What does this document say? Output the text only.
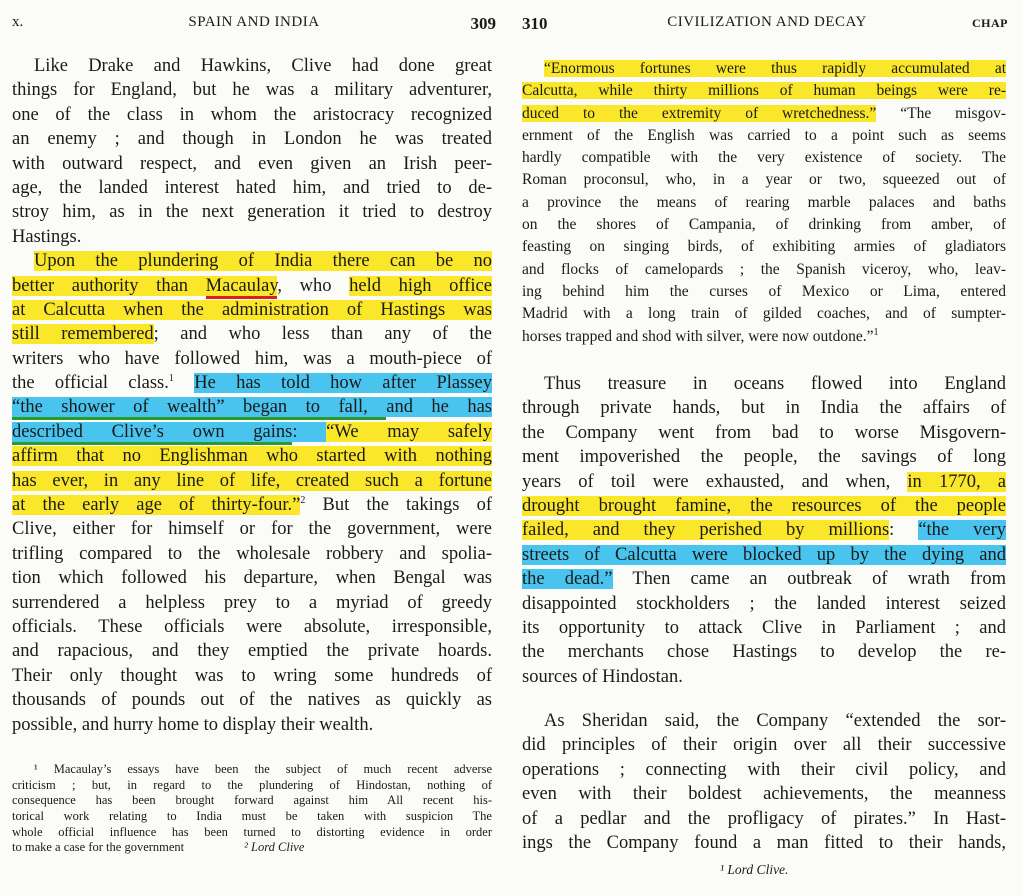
x.	SPAIN AND INDIA	309
Like Drake and Hawkins, Clive had done great
things for England, but he was a military adventurer,
one of the class in whom the aristocracy recognized
an enemy ; and though in London he was treated
with outward respect, and even given an Irish peer-
age, the landed interest hated him, and tried to de-
stroy him, as in the next generation it tried to destroy
Hastings.
Upon the plundering of India there can be no
better authority than Macaulay, who held high office
at Calcutta when the administration of Hastings was
still remembered; and who less than any of the
writers who have followed him, was a mouth-piece of
the official class.$^1$ He has told how after Plassey
“the shower of wealth” began to fall, and he has
described Clive’s own gains: “We may safely
affirm that no Englishman who started with nothing
has ever, in any line of life, created such a fortune
at the early age of thirty-four.”$^2$ But the takings of
Clive, either for himself or for the government, were
trifling compared to the wholesale robbery and spolia-
tion which followed his departure, when Bengal was
surrendered a helpless prey to a myriad of greedy
officials. These officials were absolute, irresponsible,
and rapacious, and they emptied the private hoards.
Their only thought was to wring some hundreds of
thousands of pounds out of the natives as quickly as
possible, and hurry home to display their wealth.
¹ Macaulay’s essays have been the subject of much recent adverse
criticism ; but, in regard to the plundering of Hindostan, nothing of
consequence has been brought forward against him All recent his-
torical work relating to India must be taken with suspicion The
whole official influence has been turned to distorting evidence in order
to make a case for the government	² Lord Clive
310	CIVILIZATION AND DECAY	CHAP
“Enormous fortunes were thus rapidly accumulated at
Calcutta, while thirty millions of human beings were re-
duced to the extremity of wretchedness.” “The misgov-
ernment of the English was carried to a point such as seems
hardly compatible with the very existence of society. The
Roman proconsul, who, in a year or two, squeezed out of
a province the means of rearing marble palaces and baths
on the shores of Campania, of drinking from amber, of
feasting on singing birds, of exhibiting armies of gladiators
and flocks of camelopards ; the Spanish viceroy, who, leav-
ing behind him the curses of Mexico or Lima, entered
Madrid with a long train of gilded coaches, and of sumpter-
horses trapped and shod with silver, were now outdone.”$^1$
Thus treasure in oceans flowed into England
through private hands, but in India the affairs of
the Company went from bad to worse Misgovern-
ment impoverished the people, the savings of long
years of toil were exhausted, and when, in 1770, a
drought brought famine, the resources of the people
failed, and they perished by millions: “the very
streets of Calcutta were blocked up by the dying and
the dead.” Then came an outbreak of wrath from
disappointed stockholders ; the landed interest seized
its opportunity to attack Clive in Parliament ; and
the merchants chose Hastings to develop the re-
sources of Hindostan.
As Sheridan said, the Company “extended the sor-
did principles of their origin over all their successive
operations ; connecting with their civil policy, and
even with their boldest achievements, the meanness
of a pedlar and the profligacy of pirates.” In Hast-
ings the Company found a man fitted to their hands,
¹ Lord Clive.
